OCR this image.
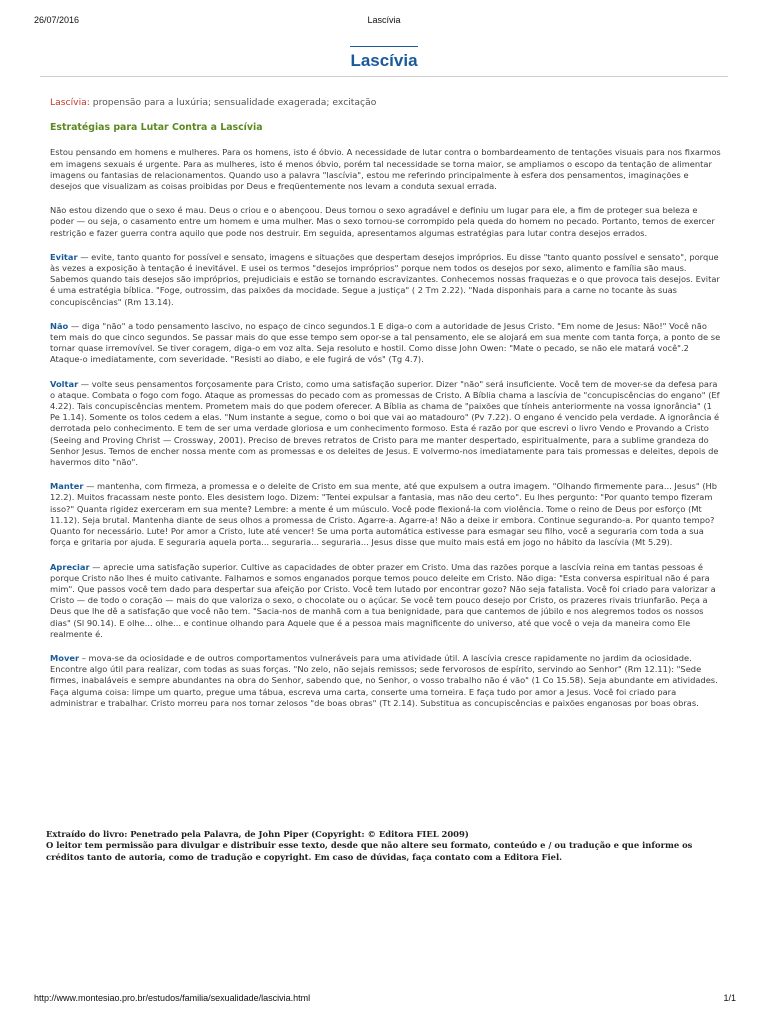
26/07/2016	Lascívia
Lascívia

Lascívia: propensão para a luxúria; sensualidade exagerada; excitação

Estratégias para Lutar Contra a Lascívia

Estou pensando em homens e mulheres. Para os homens, isto é óbvio. A necessidade de lutar contra o bombardeamento de tentações visuais para nos fixarmos em imagens sexuais é urgente. Para as mulheres, isto é menos óbvio, porém tal necessidade se torna maior, se ampliamos o escopo da tentação de alimentar imagens ou fantasias de relacionamentos. Quando uso a palavra "lascívia", estou me referindo principalmente à esfera dos pensamentos, imaginações e desejos que visualizam as coisas proibidas por Deus e freqüentemente nos levam a conduta sexual errada.

Não estou dizendo que o sexo é mau. Deus o criou e o abençoou. Deus tornou o sexo agradável e definiu um lugar para ele, a fim de proteger sua beleza e poder — ou seja, o casamento entre um homem e uma mulher. Mas o sexo tornou-se corrompido pela queda do homem no pecado. Portanto, temos de exercer restrição e fazer guerra contra aquilo que pode nos destruir. Em seguida, apresentamos algumas estratégias para lutar contra desejos errados.

Evitar — evite, tanto quanto for possível e sensato, imagens e situações que despertam desejos impróprios. Eu disse "tanto quanto possível e sensato", porque às vezes a exposição à tentação é inevitável. E usei os termos "desejos impróprios" porque nem todos os desejos por sexo, alimento e família são maus. Sabemos quando tais desejos são impróprios, prejudiciais e estão se tornando escravizantes. Conhecemos nossas fraquezas e o que provoca tais desejos. Evitar é uma estratégia bíblica. "Foge, outrossim, das paixões da mocidade. Segue a justiça" ( 2 Tm 2.22). "Nada disponhais para a carne no tocante às suas concupiscências" (Rm 13.14).

Não — diga "não" a todo pensamento lascivo, no espaço de cinco segundos.1 E diga-o com a autoridade de Jesus Cristo. "Em nome de Jesus: Não!" Você não tem mais do que cinco segundos. Se passar mais do que esse tempo sem opor-se a tal pensamento, ele se alojará em sua mente com tanta força, a ponto de se tornar quase irremovível. Se tiver coragem, diga-o em voz alta. Seja resoluto e hostil. Como disse John Owen: "Mate o pecado, se não ele matará você".2 Ataque-o imediatamente, com severidade. "Resisti ao diabo, e ele fugirá de vós" (Tg 4.7).

Voltar — volte seus pensamentos forçosamente para Cristo, como uma satisfação superior. Dizer "não" será insuficiente. Você tem de mover-se da defesa para o ataque. Combata o fogo com fogo. Ataque as promessas do pecado com as promessas de Cristo. A Bíblia chama a lascívia de "concupiscências do engano" (Ef 4.22). Tais concupiscências mentem. Prometem mais do que podem oferecer. A Bíblia as chama de "paixões que tínheis anteriormente na vossa ignorância" (1 Pe 1.14). Somente os tolos cedem a elas. "Num instante a segue, como o boi que vai ao matadouro" (Pv 7.22). O engano é vencido pela verdade. A ignorância é derrotada pelo conhecimento. E tem de ser uma verdade gloriosa e um conhecimento formoso. Esta é razão por que escrevi o livro Vendo e Provando a Cristo (Seeing and Proving Christ — Crossway, 2001). Preciso de breves retratos de Cristo para me manter despertado, espiritualmente, para a sublime grandeza do Senhor Jesus. Temos de encher nossa mente com as promessas e os deleites de Jesus. E volvermo-nos imediatamente para tais promessas e deleites, depois de havermos dito "não".

Manter — mantenha, com firmeza, a promessa e o deleite de Cristo em sua mente, até que expulsem a outra imagem. "Olhando firmemente para... Jesus" (Hb 12.2). Muitos fracassam neste ponto. Eles desistem logo. Dizem: "Tentei expulsar a fantasia, mas não deu certo". Eu lhes pergunto: "Por quanto tempo fizeram isso?" Quanta rigidez exerceram em sua mente? Lembre: a mente é um músculo. Você pode flexioná-la com violência. Tome o reino de Deus por esforço (Mt 11.12). Seja brutal. Mantenha diante de seus olhos a promessa de Cristo. Agarre-a. Agarre-a! Não a deixe ir embora. Continue segurando-a. Por quanto tempo? Quanto for necessário. Lute! Por amor a Cristo, lute até vencer! Se uma porta automática estivesse para esmagar seu filho, você a seguraria com toda a sua força e gritaria por ajuda. E seguraria aquela porta... seguraria... seguraria... Jesus disse que muito mais está em jogo no hábito da lascívia (Mt 5.29).

Apreciar — aprecie uma satisfação superior. Cultive as capacidades de obter prazer em Cristo. Uma das razões porque a lascívia reina em tantas pessoas é porque Cristo não lhes é muito cativante. Falhamos e somos enganados porque temos pouco deleite em Cristo. Não diga: "Esta conversa espiritual não é para mim". Que passos você tem dado para despertar sua afeição por Cristo. Você tem lutado por encontrar gozo? Não seja fatalista. Você foi criado para valorizar a Cristo — de todo o coração — mais do que valoriza o sexo, o chocolate ou o açúcar. Se você tem pouco desejo por Cristo, os prazeres rivais triunfarão. Peça a Deus que lhe dê a satisfação que você não tem. "Sacia-nos de manhã com a tua benignidade, para que cantemos de júbilo e nos alegremos todos os nossos dias" (Sl 90.14). E olhe... olhe... e continue olhando para Aquele que é a pessoa mais magnificente do universo, até que você o veja da maneira como Ele realmente é.

Mover – mova-se da ociosidade e de outros comportamentos vulneráveis para uma atividade útil. A lascívia cresce rapidamente no jardim da ociosidade. Encontre algo útil para realizar, com todas as suas forças. "No zelo, não sejais remissos; sede fervorosos de espírito, servindo ao Senhor" (Rm 12.11): "Sede firmes, inabaláveis e sempre abundantes na obra do Senhor, sabendo que, no Senhor, o vosso trabalho não é vão" (1 Co 15.58). Seja abundante em atividades. Faça alguma coisa: limpe um quarto, pregue uma tábua, escreva uma carta, conserte uma torneira. E faça tudo por amor a Jesus. Você foi criado para administrar e trabalhar. Cristo morreu para nos tornar zelosos "de boas obras" (Tt 2.14). Substitua as concupiscências e paixões enganosas por boas obras.

Extraído do livro: Penetrado pela Palavra, de John Piper (Copyright: © Editora FIEL 2009)
O leitor tem permissão para divulgar e distribuir esse texto, desde que não altere seu formato, conteúdo e / ou tradução e que informe os créditos tanto de autoria, como de tradução e copyright. Em caso de dúvidas, faça contato com a Editora Fiel.
http://www.montesiao.pro.br/estudos/familia/sexualidade/lascivia.html	1/1
